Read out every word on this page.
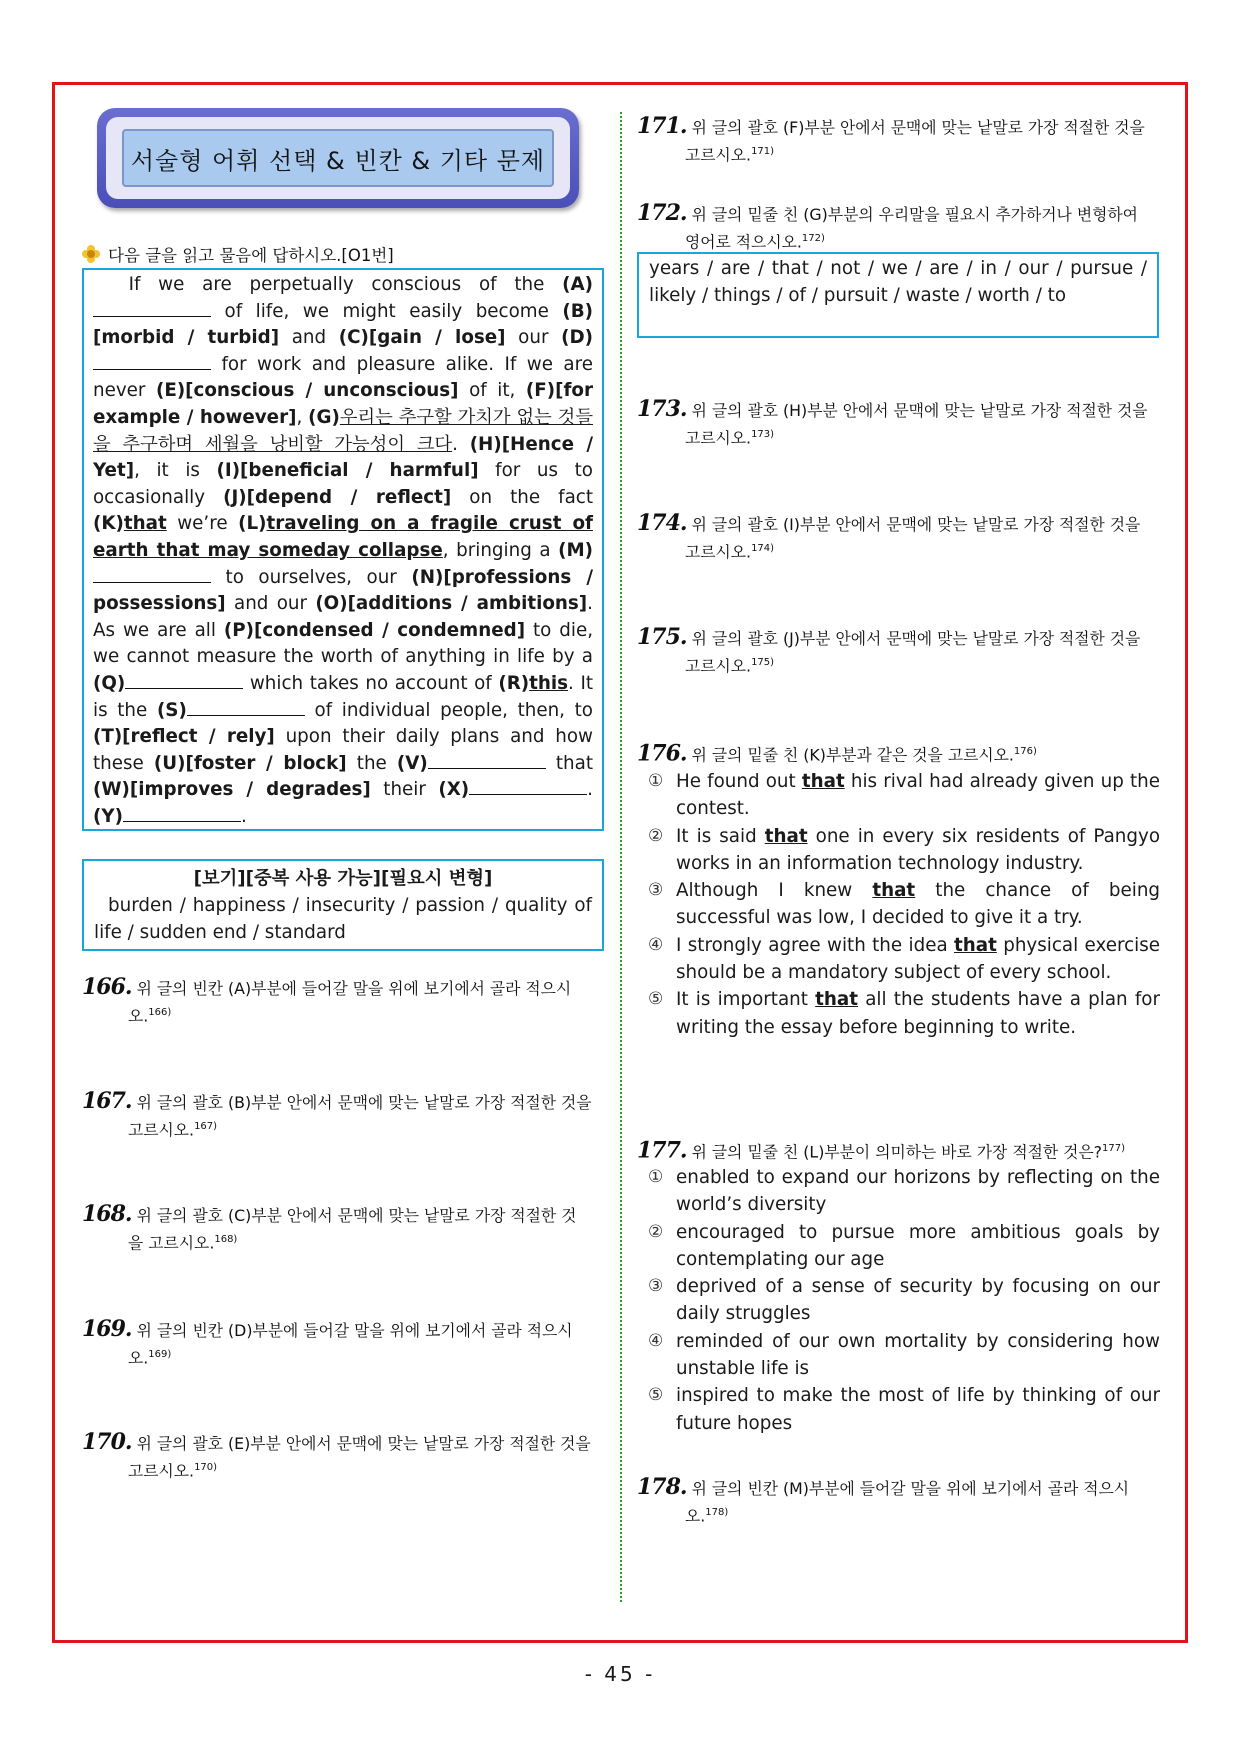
서술형 어휘 선택 & 빈칸 & 기타 문제
다음 글을 읽고 물음에 답하시오.[O1번]
If we are perpetually conscious of the (A) of life, we might easily become (B)[morbid / turbid] and (C)[gain / lose] our (D) for work and pleasure alike. If we are never (E)[conscious / unconscious] of it, (F)[for example / however], (G)우리는 추구할 가치가 없는 것들을 추구하며 세월을 낭비할 가능성이 크다. (H)[Hence / Yet], it is (I)[beneficial / harmful] for us to occasionally (J)[depend / reflect] on the fact (K)that we’re (L)traveling on a fragile crust of earth that may someday collapse, bringing a (M) to ourselves, our (N)[professions / possessions] and our (O)[additions / ambitions]. As we are all (P)[condensed / condemned] to die, we cannot measure the worth of anything in life by a (Q)	which takes no account of (R)this. It is the (S)	of individual people, then, to (T)[reflect / rely] upon their daily plans and how these (U)[foster / block] the (V)	that (W)[improves / degrades] their (X)	. (Y)	.
[보기][중복 사용 가능][필요시 변형]
burden / happiness / insecurity / passion / quality of life / sudden end / standard
166. 위 글의 빈칸 (A)부분에 들어갈 말을 위에 보기에서 골라 적으시
오.$^{166)}$
167. 위 글의 괄호 (B)부분 안에서 문맥에 맞는 낱말로 가장 적절한 것을
고르시오.$^{167)}$
168. 위 글의 괄호 (C)부분 안에서 문맥에 맞는 낱말로 가장 적절한 것
을 고르시오.$^{168)}$
169. 위 글의 빈칸 (D)부분에 들어갈 말을 위에 보기에서 골라 적으시
오.$^{169)}$
170. 위 글의 괄호 (E)부분 안에서 문맥에 맞는 낱말로 가장 적절한 것을
고르시오.$^{170)}$
171. 위 글의 괄호 (F)부분 안에서 문맥에 맞는 낱말로 가장 적절한 것을
고르시오.$^{171)}$
172. 위 글의 밑줄 친 (G)부분의 우리말을 필요시 추가하거나 변형하여
영어로 적으시오.$^{172)}$
years / are / that / not / we / are / in / our / pursue / likely / things / of / pursuit / waste / worth / to
173. 위 글의 괄호 (H)부분 안에서 문맥에 맞는 낱말로 가장 적절한 것을
고르시오.$^{173)}$
174. 위 글의 괄호 (I)부분 안에서 문맥에 맞는 낱말로 가장 적절한 것을
고르시오.$^{174)}$
175. 위 글의 괄호 (J)부분 안에서 문맥에 맞는 낱말로 가장 적절한 것을
고르시오.$^{175)}$
176. 위 글의 밑줄 친 (K)부분과 같은 것을 고르시오.$^{176)}$
① He found out that his rival had already given up the contest.
② It is said that one in every six residents of Pangyo works in an information technology industry.
③ Although I knew that the chance of being successful was low, I decided to give it a try.
④ I strongly agree with the idea that physical exercise should be a mandatory subject of every school.
⑤ It is important that all the students have a plan for writing the essay before beginning to write.
177. 위 글의 밑줄 친 (L)부분이 의미하는 바로 가장 적절한 것은?$^{177)}$
① enabled to expand our horizons by reflecting on the world’s diversity
② encouraged to pursue more ambitious goals by contemplating our age
③ deprived of a sense of security by focusing on our daily struggles
④ reminded of our own mortality by considering how unstable life is
⑤ inspired to make the most of life by thinking of our future hopes
178. 위 글의 빈칸 (M)부분에 들어갈 말을 위에 보기에서 골라 적으시
오.$^{178)}$
- 45 -
